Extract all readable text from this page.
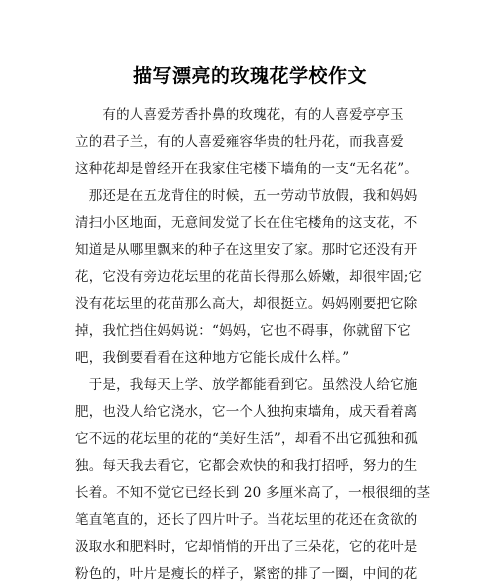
描写漂亮的玫瑰花学校作文
　　有的人喜爱芳香扑鼻的玫瑰花，有的人喜爱亭亭玉
立的君子兰，有的人喜爱雍容华贵的牡丹花，而我喜爱
这种花却是曾经开在我家住宅楼下墙角的一支“无名花”。
　那还是在五龙背住的时候，五一劳动节放假，我和妈妈
清扫小区地面，无意间发觉了长在住宅楼角的这支花，不
知道是从哪里飘来的种子在这里安了家。那时它还没有开
花，它没有旁边花坛里的花苗长得那么娇嫩，却很牢固;它
没有花坛里的花苗那么高大，却很挺立。妈妈刚要把它除
掉，我忙挡住妈妈说：“妈妈，它也不碍事，你就留下它
吧，我倒要看看在这种地方它能长成什么样。”
　于是，我每天上学、放学都能看到它。虽然没人给它施
肥，也没人给它浇水，它一个人独拘束墙角，成天看着离
它不远的花坛里的花的“美好生活”，却看不出它孤独和孤
独。每天我去看它，它都会欢快的和我打招呼，努力的生
长着。不知不觉它已经长到 20 多厘米高了，一根很细的茎
笔直笔直的，还长了四片叶子。当花坛里的花还在贪欲的
汲取水和肥料时，它却悄悄的开出了三朵花，它的花叶是
粉色的，叶片是瘦长的样子，紧密的排了一圈，中间的花
